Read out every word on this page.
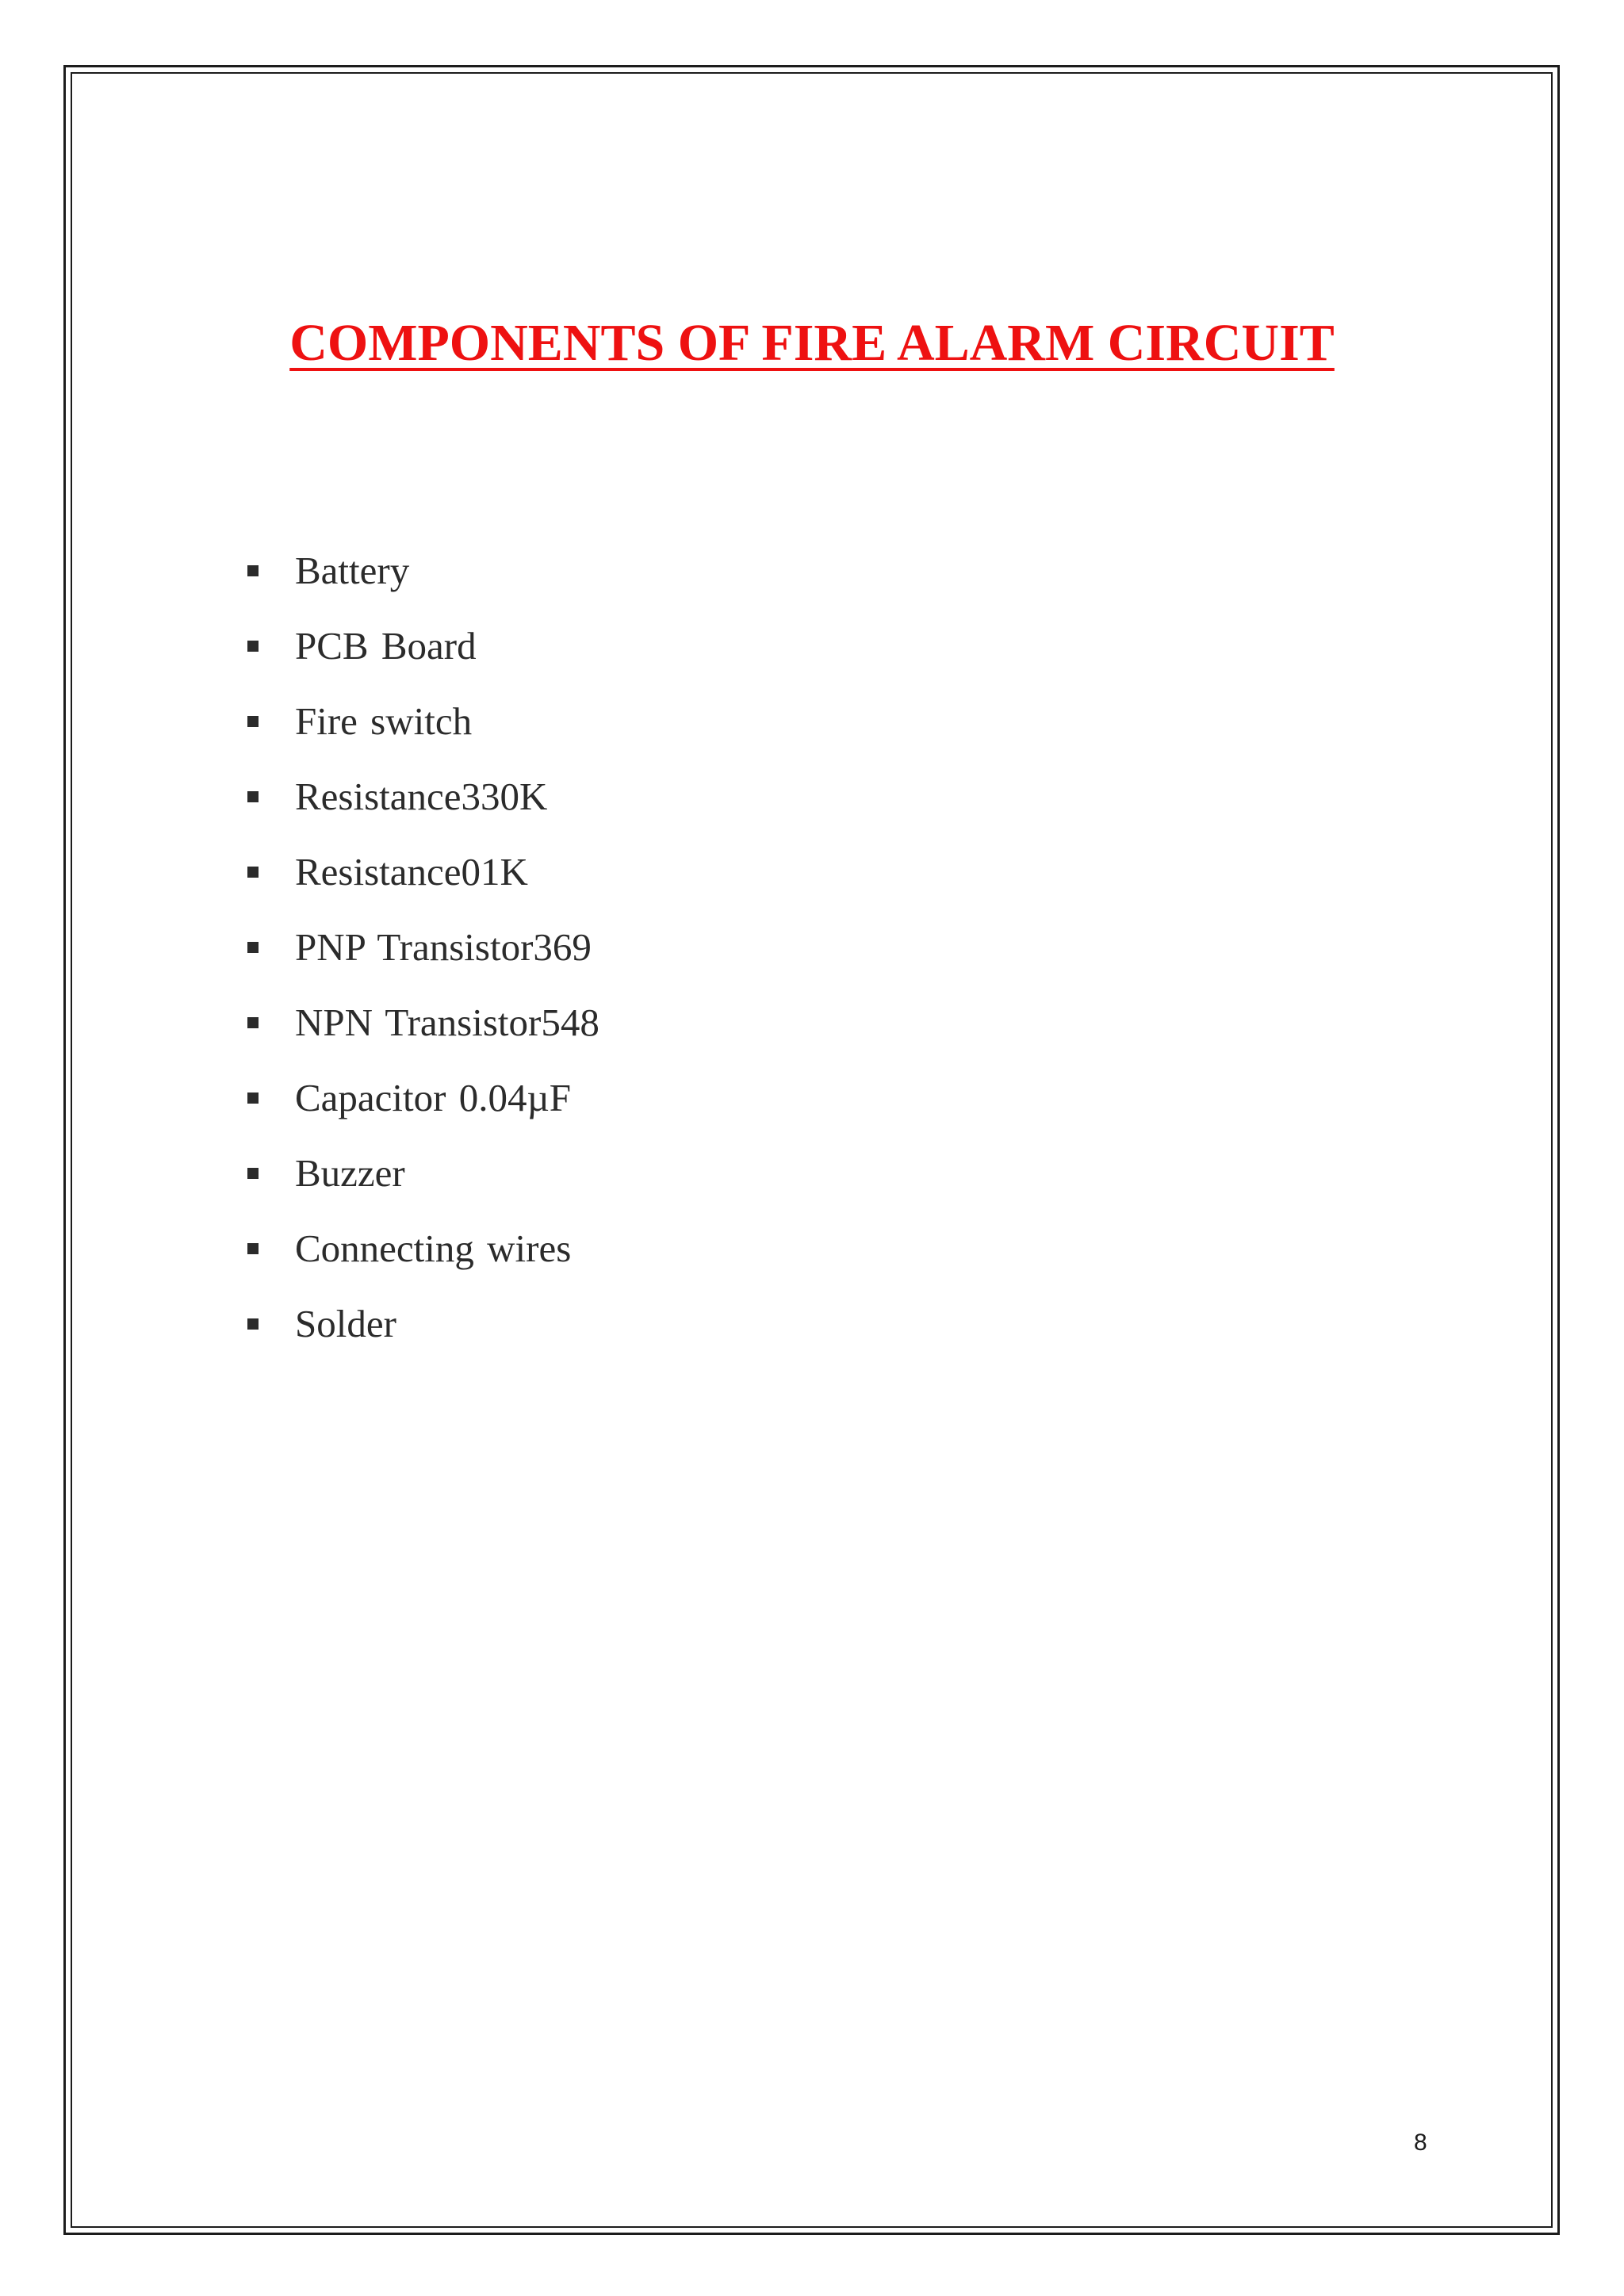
COMPONENTS OF FIRE ALARM CIRCUIT
Battery
PCB Board
Fire switch
Resistance330K
Resistance01K
PNP Transistor369
NPN Transistor548
Capacitor 0.04µF
Buzzer
Connecting wires
Solder
8
